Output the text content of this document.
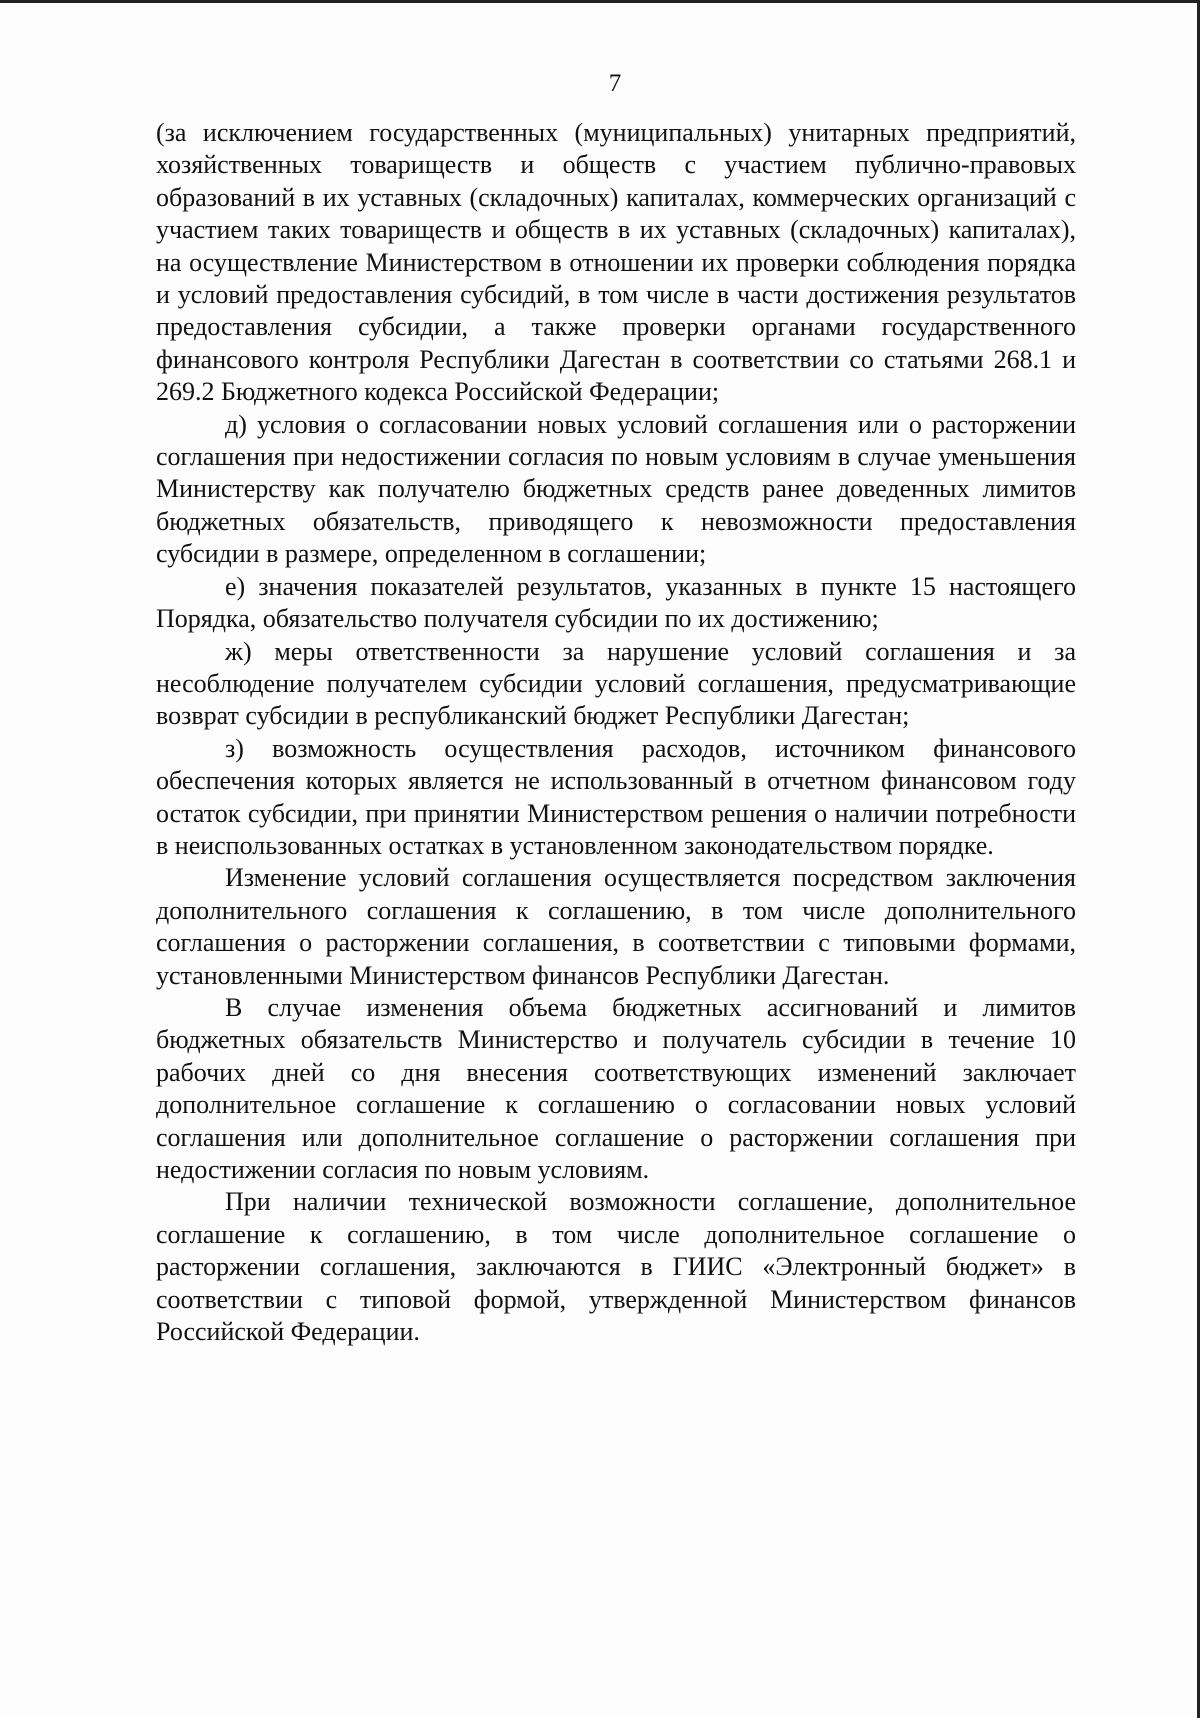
7

(за исключением государственных (муниципальных) унитарных предприятий, хозяйственных товариществ и обществ с участием публично-правовых образований в их уставных (складочных) капиталах, коммерческих организаций с участием таких товариществ и обществ в их уставных (складочных) капиталах), на осуществление Министерством в отношении их проверки соблюдения порядка и условий предоставления субсидий, в том числе в части достижения результатов предоставления субсидии, а также проверки органами государственного финансового контроля Республики Дагестан в соответствии со статьями 268.1 и 269.2 Бюджетного кодекса Российской Федерации;

д) условия о согласовании новых условий соглашения или о расторжении соглашения при недостижении согласия по новым условиям в случае уменьшения Министерству как получателю бюджетных средств ранее доведенных лимитов бюджетных обязательств, приводящего к невозможности предоставления субсидии в размере, определенном в соглашении;

е) значения показателей результатов, указанных в пункте 15 настоящего Порядка, обязательство получателя субсидии по их достижению;

ж) меры ответственности за нарушение условий соглашения и за несоблюдение получателем субсидии условий соглашения, предусматривающие возврат субсидии в республиканский бюджет Республики Дагестан;

з) возможность осуществления расходов, источником финансового обеспечения которых является не использованный в отчетном финансовом году остаток субсидии, при принятии Министерством решения о наличии потребности в неиспользованных остатках в установленном законодательством порядке.

Изменение условий соглашения осуществляется посредством заключения дополнительного соглашения к соглашению, в том числе дополнительного соглашения о расторжении соглашения, в соответствии с типовыми формами, установленными Министерством финансов Республики Дагестан.

В случае изменения объема бюджетных ассигнований и лимитов бюджетных обязательств Министерство и получатель субсидии в течение 10 рабочих дней со дня внесения соответствующих изменений заключает дополнительное соглашение к соглашению о согласовании новых условий соглашения или дополнительное соглашение о расторжении соглашения при недостижении согласия по новым условиям.

При наличии технической возможности соглашение, дополнительное соглашение к соглашению, в том числе дополнительное соглашение о расторжении соглашения, заключаются в ГИИС «Электронный бюджет» в соответствии с типовой формой, утвержденной Министерством финансов Российской Федерации.
